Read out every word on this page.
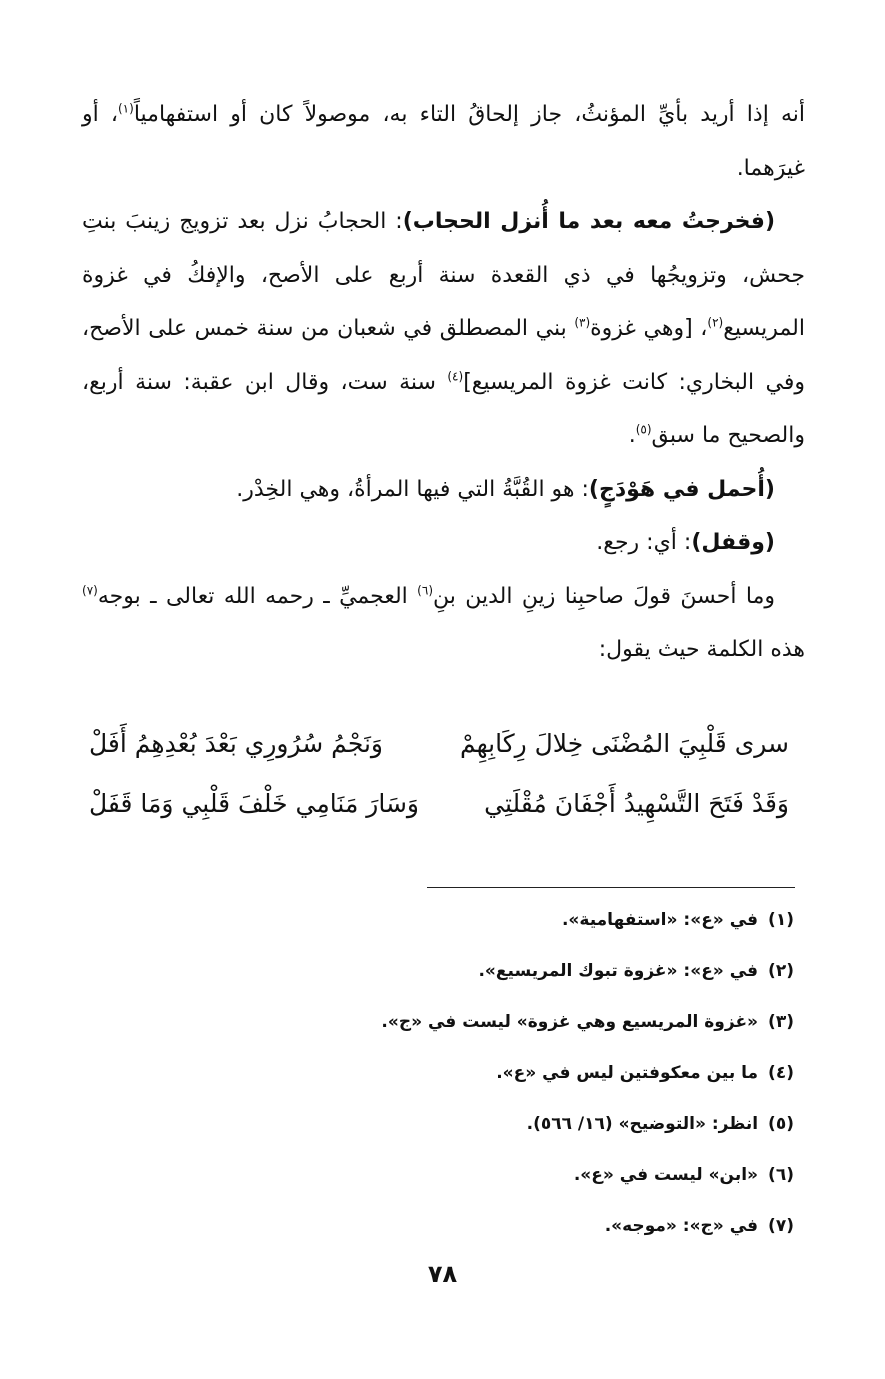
أنه إذا أريد بأيِّ المؤنثُ، جاز إلحاقُ التاء به، موصولاً كان أو استفهامياً$^{(١)}$، أو غيرَهما.

(فخرجتُ معه بعد ما أُنزل الحجاب): الحجابُ نزل بعد تزويج زينبَ بنتِ جحش، وتزويجُها في ذي القعدة سنة أربع على الأصح، والإفكُ في غزوة المريسيع$^{(٢)}$، [وهي غزوة$^{(٣)}$ بني المصطلق في شعبان من سنة خمس على الأصح، وفي البخاري: كانت غزوة المريسيع]$^{(٤)}$ سنة ست، وقال ابن عقبة: سنة أربع، والصحيح ما سبق$^{(٥)}$.

(أُحمل في هَوْدَجٍ): هو القُبَّةُ التي فيها المرأةُ، وهي الخِدْر.

(وقفل): أي: رجع.

وما أحسنَ قولَ صاحبِنا زينِ الدين بنِ$^{(٦)}$ العجميِّ ـ رحمه الله تعالى ـ بوجه$^{(٧)}$ هذه الكلمة حيث يقول:

سرى قَلْبِيَ المُضْنَى خِلالَ رِكَابِهِمْ
وَنَجْمُ سُرُورِي بَعْدَ بُعْدِهِمُ أَفَلْ
وَقَدْ فَتَحَ التَّسْهِيدُ أَجْفَانَ مُقْلَتِي
وَسَارَ مَنَامِي خَلْفَ قَلْبِي وَمَا قَفَلْ
(١)في «ع»: «استفهامية».
(٢)في «ع»: «غزوة تبوك المريسيع».
(٣)«غزوة المريسيع وهي غزوة» ليست في «ج».
(٤)ما بين معكوفتين ليس في «ع».
(٥)انظر: «التوضيح» (١٦/ ٥٦٦).
(٦)«ابن» ليست في «ع».
(٧)في «ج»: «موجه».
٧٨
